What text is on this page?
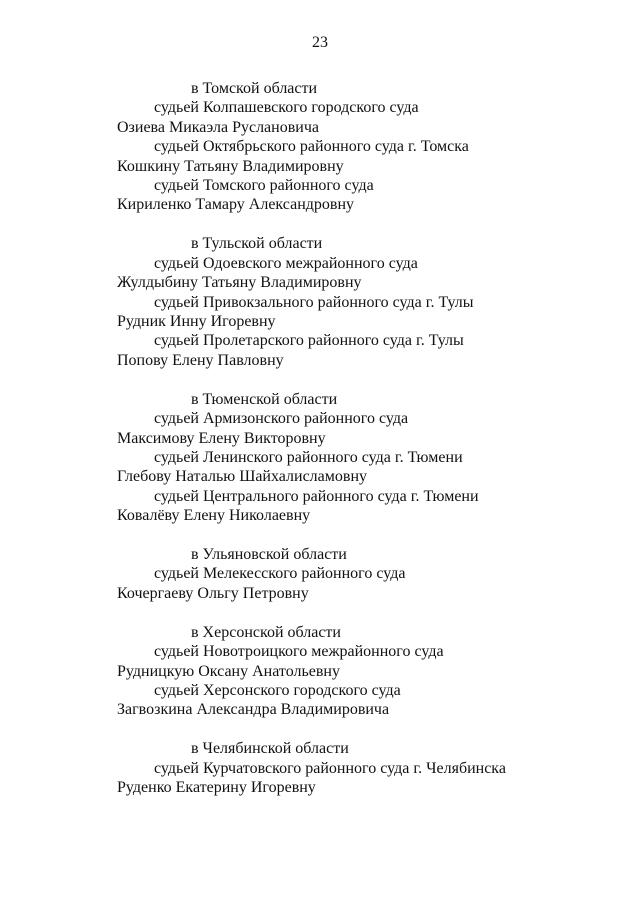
23
в Томской области
судьей Колпашевского городского суда
Озиева Микаэла Руслановича
судьей Октябрьского районного суда г. Томска
Кошкину Татьяну Владимировну
судьей Томского районного суда
Кириленко Тамару Александровну
в Тульской области
судьей Одоевского межрайонного суда
Жулдыбину Татьяну Владимировну
судьей Привокзального районного суда г. Тулы
Рудник Инну Игоревну
судьей Пролетарского районного суда г. Тулы
Попову Елену Павловну
в Тюменской области
судьей Армизонского районного суда
Максимову Елену Викторовну
судьей Ленинского районного суда г. Тюмени
Глебову Наталью Шайхалисламовну
судьей Центрального районного суда г. Тюмени
Ковалёву Елену Николаевну
в Ульяновской области
судьей Мелекесского районного суда
Кочергаеву Ольгу Петровну
в Херсонской области
судьей Новотроицкого межрайонного суда
Рудницкую Оксану Анатольевну
судьей Херсонского городского суда
Загвозкина Александра Владимировича
в Челябинской области
судьей Курчатовского районного суда г. Челябинска
Руденко Екатерину Игоревну
